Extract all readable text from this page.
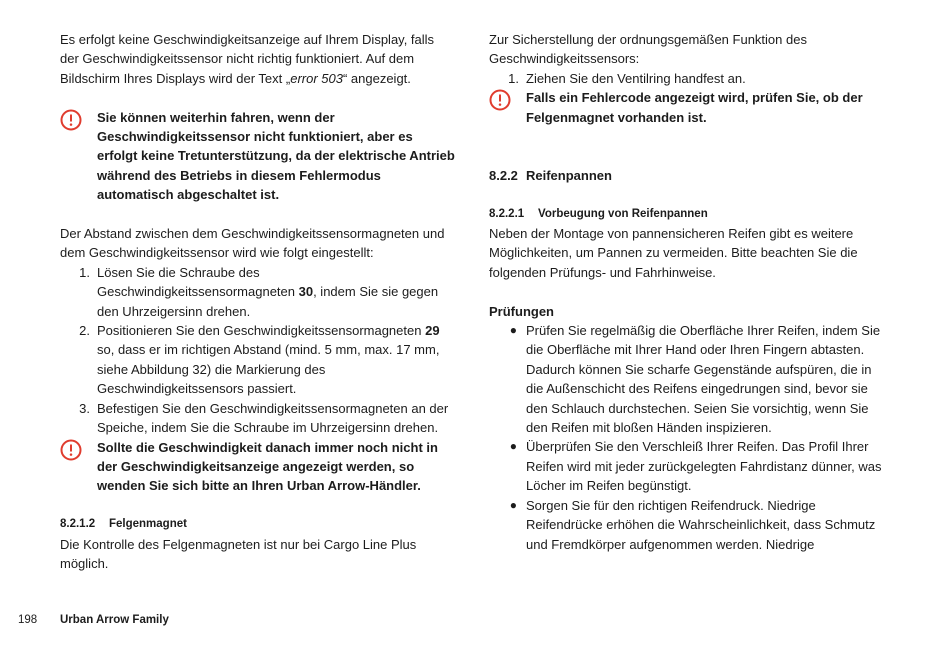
Es erfolgt keine Geschwindigkeitsanzeige auf Ihrem Display, falls der Geschwindigkeitssensor nicht richtig funktioniert. Auf dem Bildschirm Ihres Displays wird der Text „error 503“ angezeigt.

Sie können weiterhin fahren, wenn der Geschwindigkeitssensor nicht funktioniert, aber es erfolgt keine Tretunterstützung, da der elektrische Antrieb während des Betriebs in diesem Fehlermodus automatisch abgeschaltet ist.

Der Abstand zwischen dem Geschwindigkeitssensormagneten und dem Geschwindigkeitssensor wird wie folgt eingestellt:

1. Lösen Sie die Schraube des Geschwindigkeitssensormagneten 30, indem Sie sie gegen den Uhrzeigersinn drehen.
2. Positionieren Sie den Geschwindigkeitssensormagneten 29 so, dass er im richtigen Abstand (mind. 5 mm, max. 17 mm, siehe Abbildung 32) die Markierung des Geschwindigkeitssensors passiert.
3. Befestigen Sie den Geschwindigkeitssensormagneten an der Speiche, indem Sie die Schraube im Uhrzeigersinn drehen.
Sollte die Geschwindigkeit danach immer noch nicht in der Geschwindigkeitsanzeige angezeigt werden, so wenden Sie sich bitte an Ihren Urban Arrow-Händler.
8.2.1.2 Felgenmagnet

Die Kontrolle des Felgenmagneten ist nur bei Cargo Line Plus möglich.

Zur Sicherstellung der ordnungsgemäßen Funktion des Geschwindigkeitssensors:

1. Ziehen Sie den Ventilring handfest an.
Falls ein Fehlercode angezeigt wird, prüfen Sie, ob der Felgenmagnet vorhanden ist.
8.2.2 Reifenpannen
8.2.2.1 Vorbeugung von Reifenpannen

Neben der Montage von pannensicheren Reifen gibt es weitere Möglichkeiten, um Pannen zu vermeiden. Bitte beachten Sie die folgenden Prüfungs- und Fahrhinweise.

Prüfungen

● Prüfen Sie regelmäßig die Oberfläche Ihrer Reifen, indem Sie die Oberfläche mit Ihrer Hand oder Ihren Fingern abtasten. Dadurch können Sie scharfe Gegenstände aufspüren, die in die Außenschicht des Reifens eingedrungen sind, bevor sie den Schlauch durchstechen. Seien Sie vorsichtig, wenn Sie den Reifen mit bloßen Händen inspizieren.
● Überprüfen Sie den Verschleiß Ihrer Reifen. Das Profil Ihrer Reifen wird mit jeder zurückgelegten Fahrdistanz dünner, was Löcher im Reifen begünstigt.
● Sorgen Sie für den richtigen Reifendruck. Niedrige Reifendrücke erhöhen die Wahrscheinlichkeit, dass Schmutz und Fremdkörper aufgenommen werden. Niedrige
198 Urban Arrow Family
